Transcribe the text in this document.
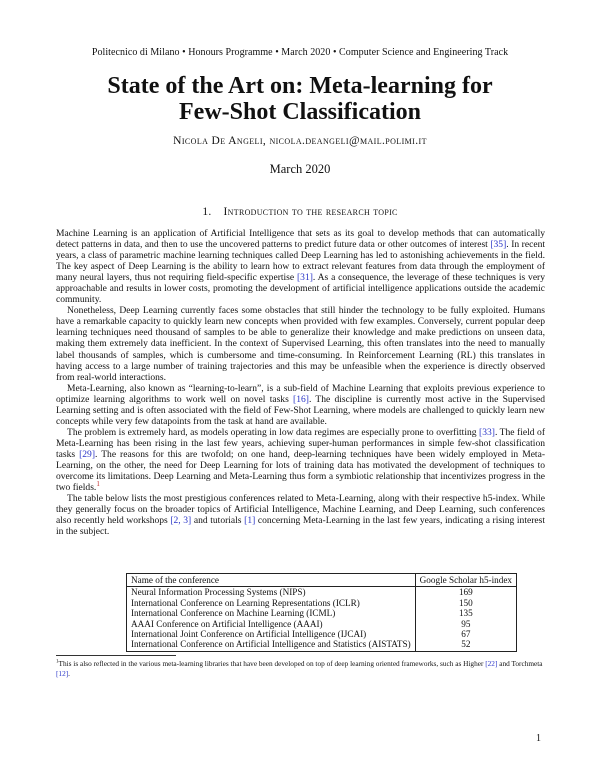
Politecnico di Milano • Honours Programme • March 2020 • Computer Science and Engineering Track
State of the Art on: Meta-learning for
Few-Shot Classification
Nicola De Angeli, nicola.deangeli@mail.polimi.it
March 2020
1. Introduction to the research topic

Machine Learning is an application of Artificial Intelligence that sets as its goal to develop methods that can automatically detect patterns in data, and then to use the uncovered patterns to predict future data or other outcomes of interest [35]. In recent years, a class of parametric machine learning techniques called Deep Learning has led to astonishing achievements in the field. The key aspect of Deep Learning is the ability to learn how to extract relevant features from data through the employment of many neural layers, thus not requiring field-specific expertise [31]. As a consequence, the leverage of these techniques is very approachable and results in lower costs, promoting the development of artificial intelligence applications outside the academic community.

Nonetheless, Deep Learning currently faces some obstacles that still hinder the technology to be fully exploited. Humans have a remarkable capacity to quickly learn new concepts when provided with few examples. Conversely, current popular deep learning techniques need thousand of samples to be able to generalize their knowledge and make predictions on unseen data, making them extremely data inefficient. In the context of Supervised Learning, this often translates into the need to manually label thousands of samples, which is cumbersome and time-consuming. In Reinforcement Learning (RL) this translates in having access to a large number of training trajectories and this may be unfeasible when the experience is directly observed from real-world interactions.

Meta-Learning, also known as “learning-to-learn”, is a sub-field of Machine Learning that exploits previous experience to optimize learning algorithms to work well on novel tasks [16]. The discipline is currently most active in the Supervised Learning setting and is often associated with the field of Few-Shot Learning, where models are challenged to quickly learn new concepts while very few datapoints from the task at hand are available.

The problem is extremely hard, as models operating in low data regimes are especially prone to overfitting [33]. The field of Meta-Learning has been rising in the last few years, achieving super-human performances in simple few-shot classification tasks [29]. The reasons for this are twofold; on one hand, deep-learning techniques have been widely employed in Meta-Learning, on the other, the need for Deep Learning for lots of training data has motivated the development of techniques to overcome its limitations. Deep Learning and Meta-Learning thus form a symbiotic relationship that incentivizes progress in the two fields.$^1$

The table below lists the most prestigious conferences related to Meta-Learning, along with their respective h5-index. While they generally focus on the broader topics of Artificial Intelligence, Machine Learning, and Deep Learning, such conferences also recently held workshops [2, 3] and tutorials [1] concerning Meta-Learning in the last few years, indicating a rising interest in the subject.

Name of the conference	Google Scholar h5-index
Neural Information Processing Systems (NIPS)	169
International Conference on Learning Representations (ICLR)	150
International Conference on Machine Learning (ICML)	135
AAAI Conference on Artificial Intelligence (AAAI)	95
International Joint Conference on Artificial Intelligence (IJCAI)	67
International Conference on Artificial Intelligence and Statistics (AISTATS)	52
$^1$This is also reflected in the various meta-learning libraries that have been developed on top of deep learning oriented frameworks, such as Higher [22] and Torchmeta [12].
1
